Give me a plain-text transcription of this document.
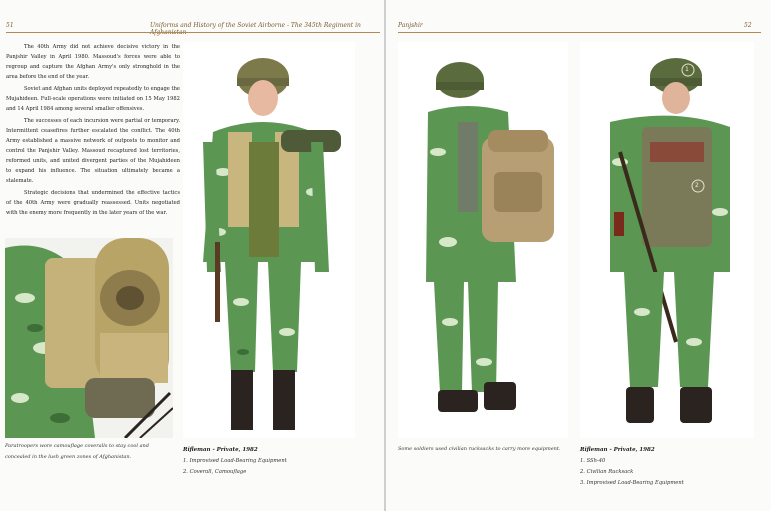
51	Uniforms and History of the Soviet Airborne - The 345th Regiment in

The 40th Army did not achieve decisive victory in the Panjshir Valley in April 1980. Massoud's forces were able to regroup and capture the Afghan Army's only stronghold in the area before the end of the year.

Soviet and Afghan units deployed repeatedly to engage the Mujahideen. Full-scale operations were initiated on 15 May 1982 and 14 April 1984 among several smaller offensives.

The successes of each incursion were partial or temporary. Intermittent ceasefires further escalated the conflict. The 40th Army established a massive network of outposts to monitor and control the Panjshir Valley. Massoud recaptured lost territories, reformed units, and united divergent parties of the Mujahideen to expand his influence. The situation ultimately became a stalemate.

Strategic decisions that undermined the effective tactics of the 40th Army were gradually reassessed. Units negotiated with the enemy more frequently in the later years of the war.

Paratroopers wore camouflage coveralls to stay cool and concealed in the lush green zones of Afghanistan.
Rifleman - Private, 1982
1. Improvised Load-Bearing Equipment
2. Coverall, Camouflage
Panjshir	52
Some soldiers used civilian rucksacks to carry more equipment.
1
2
Rifleman - Private, 1982
1. SSh-40
2. Civilian Rucksack
3. Improvised Load-Bearing Equipment
